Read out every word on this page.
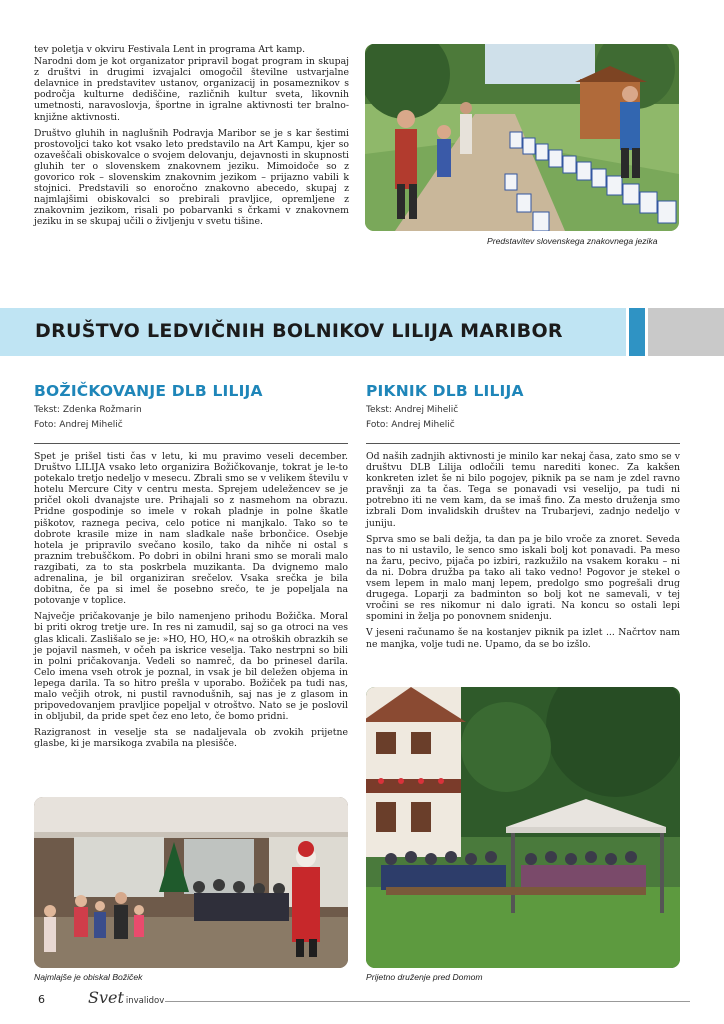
tev poletja v okviru Festivala Lent in programa Art kamp.

Narodni dom je kot organizator pripravil bogat program in skupaj z društvi in drugimi izvajalci omogočil številne ustvarjalne delavnice in predstavitev ustanov, organizacij in posameznikov s področja kulturne dediščine, različnih kultur sveta, likovnih umetnosti, naravoslovja, športne in igralne aktivnosti ter bralno-knjižne aktivnosti.

Društvo gluhih in naglušnih Podravja Maribor se je s kar šestimi prostovoljci tako kot vsako leto predstavilo na Art Kampu, kjer so ozaveščali obiskovalce o svojem delovanju, dejavnosti in skupnosti gluhih ter o slovenskem znakovnem jeziku. Mimoidoče so z govorico rok – slovenskim znakovnim jezikom – prijazno vabili k stojnici. Predstavili so enoročno znakovno abecedo, skupaj z najmlajšimi obiskovalci so prebirali pravljice, opremljene z znakovnim jezikom, risali po pobarvanki s črkami v znakovnem jeziku in se skupaj učili o življenju v svetu tišine.

Predstavitev slovenskega znakovnega jezika
DRUŠTVO LEDVIČNIH BOLNIKOV LILIJA MARIBOR
BOŽIČKOVANJE DLB LILIJA
Tekst: Zdenka Rožmarin
Foto: Andrej Mihelič

Spet je prišel tisti čas v letu, ki mu pravimo veseli december. Društvo LILIJA vsako leto organizira Božičkovanje, tokrat je le-to potekalo tretjo nedeljo v mesecu. Zbrali smo se v velikem številu v hotelu Mercure City v centru mesta. Sprejem udeležencev se je pričel okoli dvanajste ure. Prihajali so z nasmehom na obrazu. Pridne gospodinje so imele v rokah pladnje in polne škatle piškotov, raznega peciva, celo potice ni manjkalo. Tako so te dobrote krasile mize in nam sladkale naše brbončice. Osebje hotela je pripravilo svečano kosilo, tako da nihče ni ostal s praznim trebuščkom. Po dobri in obilni hrani smo se morali malo razgibati, za to sta poskrbela muzikanta. Da dvignemo malo adrenalina, je bil organiziran srečelov. Vsaka srečka je bila dobitna, če pa si imel še posebno srečo, te je popeljala na potovanje v toplice.

Največje pričakovanje je bilo namenjeno prihodu Božička. Moral bi priti okrog tretje ure. In res ni zamudil, saj so ga otroci na ves glas klicali. Zaslišalo se je: »HO, HO, HO,« na otroških obrazkih se je pojavil nasmeh, v očeh pa iskrice veselja. Tako nestrpni so bili in polni pričakovanja. Vedeli so namreč, da bo prinesel darila. Celo imena vseh otrok je poznal, in vsak je bil deležen objema in lepega darila. Ta so hitro prešla v uporabo. Božiček pa tudi nas, malo večjih otrok, ni pustil ravnodušnih, saj nas je z glasom in pripovedovanjem pravljice popeljal v otroštvo. Nato se je poslovil in obljubil, da pride spet čez eno leto, če bomo pridni.

Razigranost in veselje sta se nadaljevala ob zvokih prijetne glasbe, ki je marsikoga zvabila na plesišče.

Najmlajše je obiskal Božiček
PIKNIK DLB LILIJA
Tekst: Andrej Mihelič
Foto: Andrej Mihelič

Od naših zadnjih aktivnosti je minilo kar nekaj časa, zato smo se v društvu DLB Lilija odločili temu narediti konec. Za kakšen konkreten izlet še ni bilo pogojev, piknik pa se nam je zdel ravno pravšnji za ta čas. Tega se ponavadi vsi veselijo, pa tudi ni potrebno iti ne vem kam, da se imaš fino. Za mesto druženja smo izbrali Dom invalidskih društev na Trubarjevi, zadnjo nedeljo v juniju.

Sprva smo se bali dežja, ta dan pa je bilo vroče za znoret. Seveda nas to ni ustavilo, le senco smo iskali bolj kot ponavadi. Pa meso na žaru, pecivo, pijača po izbiri, razkužilo na vsakem koraku – ni da ni. Dobra družba pa tako ali tako vedno! Pogovor je stekel o vsem lepem in malo manj lepem, predolgo smo pogrešali drug drugega. Loparji za badminton so bolj kot ne samevali, v tej vročini se res nikomur ni dalo igrati. Na koncu so ostali lepi spomini in želja po ponovnem snidenju.

V jeseni računamo še na kostanjev piknik pa izlet ... Načrtov nam ne manjka, volje tudi ne. Upamo, da se bo izšlo.

Prijetno druženje pred Domom
6	Svet invalidov
